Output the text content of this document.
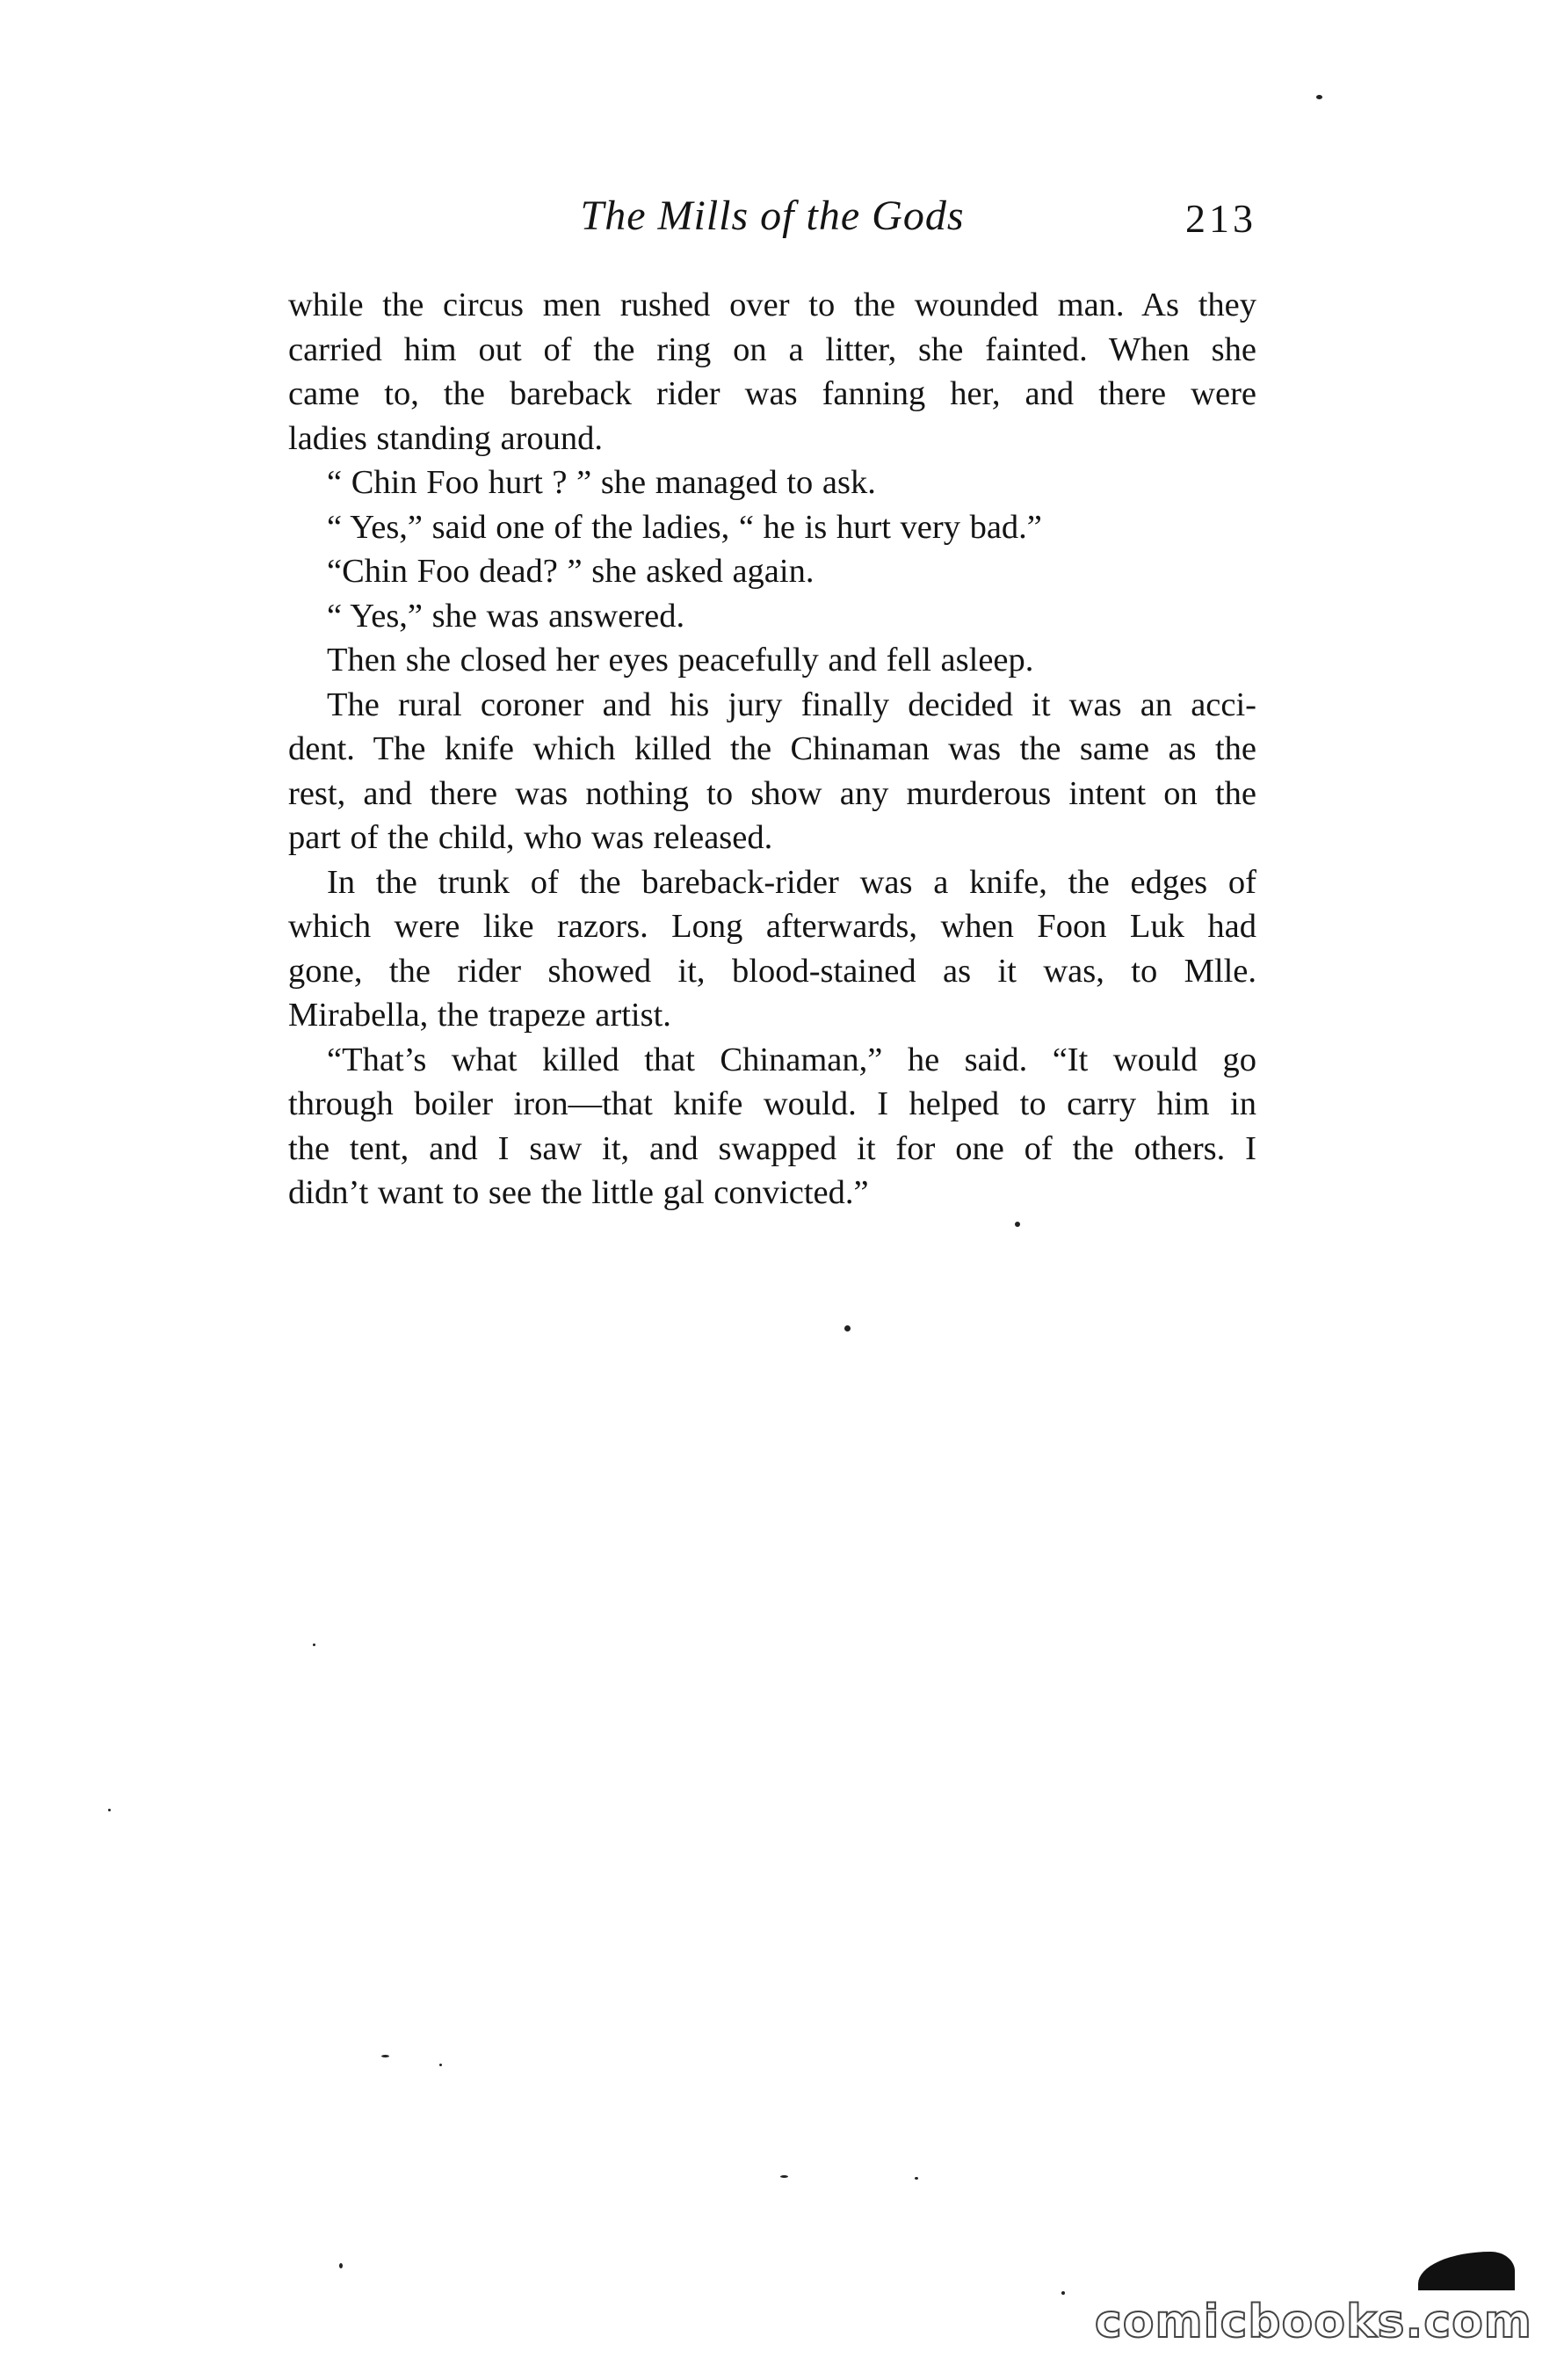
The Mills of the Gods	213
while the circus men rushed over to the wounded man. As they
carried him out of the ring on a litter, she fainted. When she
came to, the bareback rider was fanning her, and there were
ladies standing around.
“ Chin Foo hurt ? ” she managed to ask.
“ Yes,” said one of the ladies, “ he is hurt very bad.”
“Chin Foo dead? ” she asked again.
“ Yes,” she was answered.
Then she closed her eyes peacefully and fell asleep.
The rural coroner and his jury finally decided it was an acci-
dent. The knife which killed the Chinaman was the same as the
rest, and there was nothing to show any murderous intent on the
part of the child, who was released.
In the trunk of the bareback-rider was a knife, the edges of
which were like razors. Long afterwards, when Foon Luk had
gone, the rider showed it, blood-stained as it was, to Mlle.
Mirabella, the trapeze artist.
“That’s what killed that Chinaman,” he said. “It would go
through boiler iron—that knife would. I helped to carry him in
the tent, and I saw it, and swapped it for one of the others. I
didn’t want to see the little gal convicted.”
comicbooks.com
